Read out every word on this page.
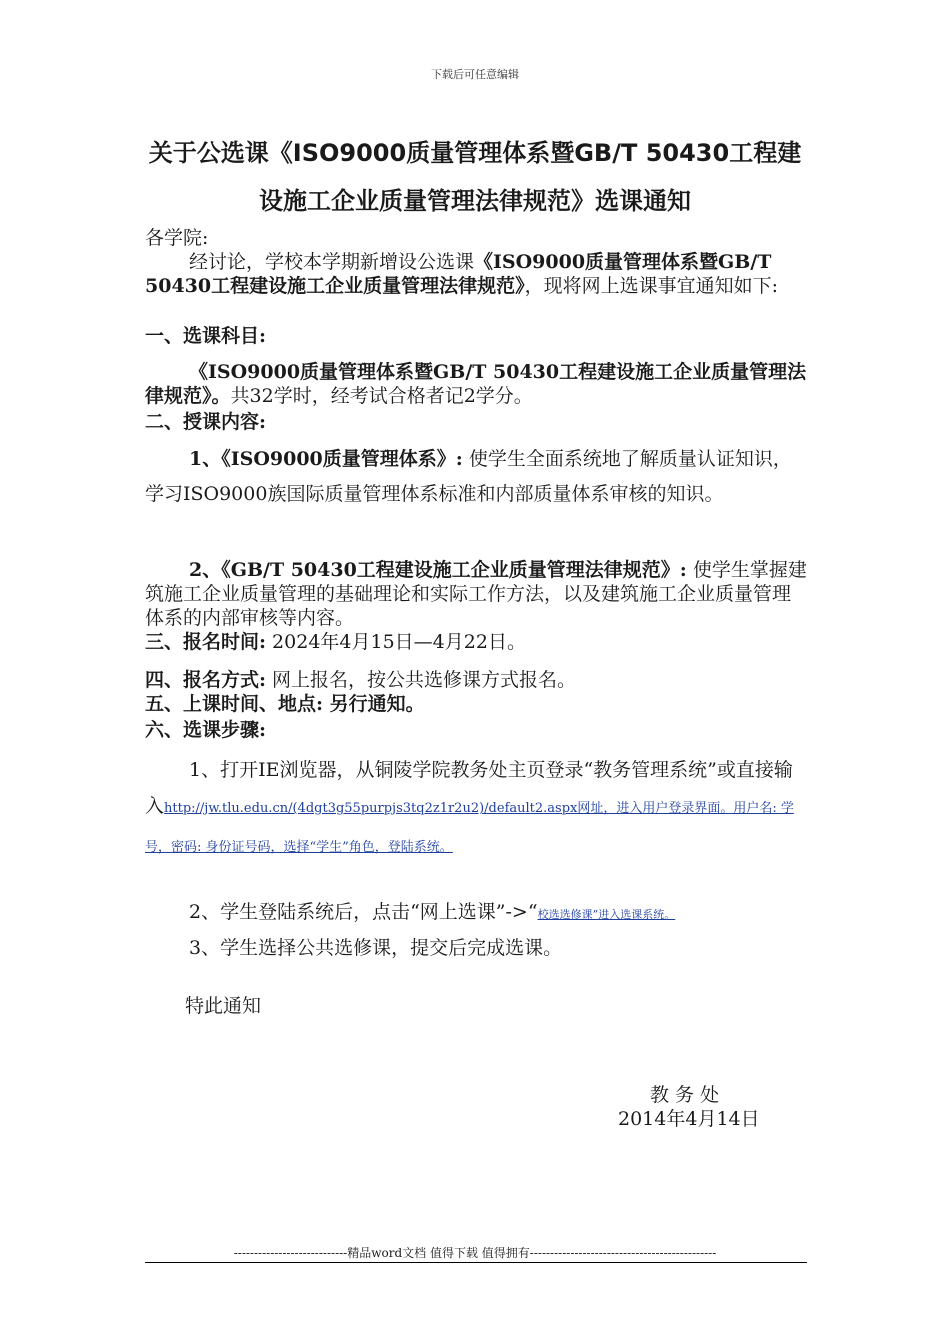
下载后可任意编辑
关于公选课《ISO9000质量管理体系暨GB/T 50430工程建
设施工企业质量管理法律规范》选课通知
各学院:
经讨论，学校本学期新增设公选课《ISO9000质量管理体系暨GB/T 50430工程建设施工企业质量管理法律规范》，现将网上选课事宜通知如下:
一、选课科目:
《ISO9000质量管理体系暨GB/T 50430工程建设施工企业质量管理法律规范》。共32学时，经考试合格者记2学分。
二、授课内容:
1、《ISO9000质量管理体系》: 使学生全面系统地了解质量认证知识，学习ISO9000族国际质量管理体系标准和内部质量体系审核的知识。
2、《GB/T 50430工程建设施工企业质量管理法律规范》: 使学生掌握建筑施工企业质量管理的基础理论和实际工作方法，以及建筑施工企业质量管理体系的内部审核等内容。
三、报名时间: 2024年4月15日—4月22日。
四、报名方式: 网上报名，按公共选修课方式报名。
五、上课时间、地点: 另行通知。
六、选课步骤:
1、打开IE浏览器，从铜陵学院教务处主页登录“教务管理系统”或直接输入http://jw.tlu.edu.cn/(4dgt3g55purpjs3tq2z1r2u2)/default2.aspx网址，进入用户登录界面。用户名: 学号，密码: 身份证号码，选择“学生”角色，登陆系统。
2、学生登陆系统后，点击“网上选课”->“校选选修课”进入选课系统。
3、学生选择公共选修课，提交后完成选课。
特此通知
教 务 处
2014年4月14日
----------------------------精品word文档 值得下载 值得拥有----------------------------------------------
